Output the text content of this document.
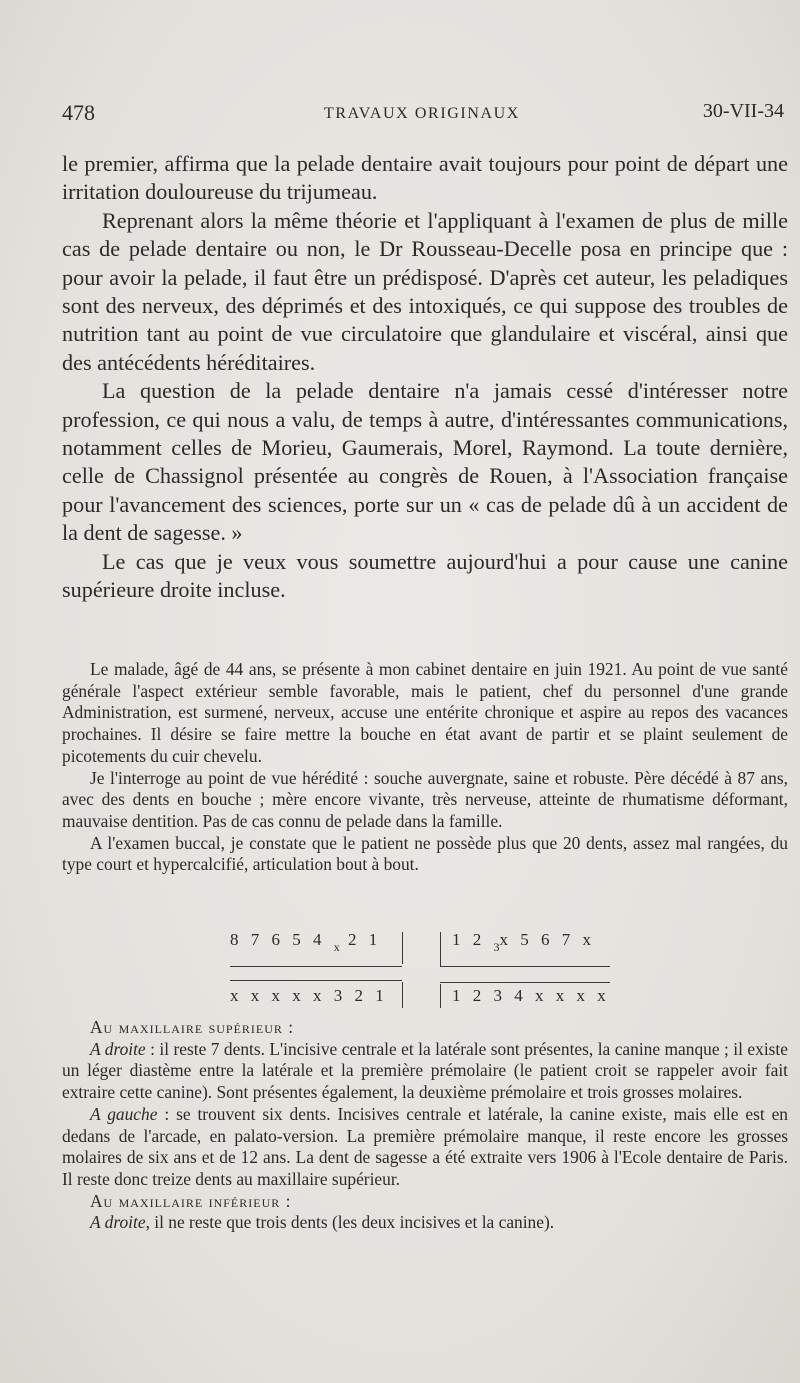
478	TRAVAUX ORIGINAUX	30-VII-34

le premier, affirma que la pelade dentaire avait toujours pour point de départ une irritation douloureuse du trijumeau.

Reprenant alors la même théorie et l'appliquant à l'examen de plus de mille cas de pelade dentaire ou non, le Dr Rousseau-Decelle posa en principe que : pour avoir la pelade, il faut être un prédisposé. D'après cet auteur, les peladiques sont des nerveux, des déprimés et des intoxiqués, ce qui suppose des troubles de nutrition tant au point de vue circulatoire que glandulaire et viscéral, ainsi que des antécédents héréditaires.

La question de la pelade dentaire n'a jamais cessé d'intéresser notre profession, ce qui nous a valu, de temps à autre, d'intéressantes communications, notamment celles de Morieu, Gaumerais, Morel, Raymond. La toute dernière, celle de Chassignol présentée au congrès de Rouen, à l'Association française pour l'avancement des sciences, porte sur un « cas de pelade dû à un accident de la dent de sagesse. »

Le cas que je veux vous soumettre aujourd'hui a pour cause une canine supérieure droite incluse.

Le malade, âgé de 44 ans, se présente à mon cabinet dentaire en juin 1921. Au point de vue santé générale l'aspect extérieur semble favorable, mais le patient, chef du personnel d'une grande Administration, est surmené, nerveux, accuse une entérite chronique et aspire au repos des vacances prochaines. Il désire se faire mettre la bouche en état avant de partir et se plaint seulement de picotements du cuir chevelu.

Je l'interroge au point de vue hérédité : souche auvergnate, saine et robuste. Père décédé à 87 ans, avec des dents en bouche ; mère encore vivante, très nerveuse, atteinte de rhumatisme déformant, mauvaise dentition. Pas de cas connu de pelade dans la famille.

A l'examen buccal, je constate que le patient ne possède plus que 20 dents, assez mal rangées, du type court et hypercalcifié, articulation bout à bout.

8 7 6 5 4 $_x$ 2 1	1 2 $_3$x 5 6 7 x
x x x x x 3 2 1	1 2 3 4 x x x x

Au maxillaire supérieur :

A droite : il reste 7 dents. L'incisive centrale et la latérale sont présentes, la canine manque ; il existe un léger diastème entre la latérale et la première prémolaire (le patient croit se rappeler avoir fait extraire cette canine). Sont présentes également, la deuxième prémolaire et trois grosses molaires.

A gauche : se trouvent six dents. Incisives centrale et latérale, la canine existe, mais elle est en dedans de l'arcade, en palato-version. La première prémolaire manque, il reste encore les grosses molaires de six ans et de 12 ans. La dent de sagesse a été extraite vers 1906 à l'Ecole dentaire de Paris. Il reste donc treize dents au maxillaire supérieur.

Au maxillaire inférieur :

A droite, il ne reste que trois dents (les deux incisives et la canine).
